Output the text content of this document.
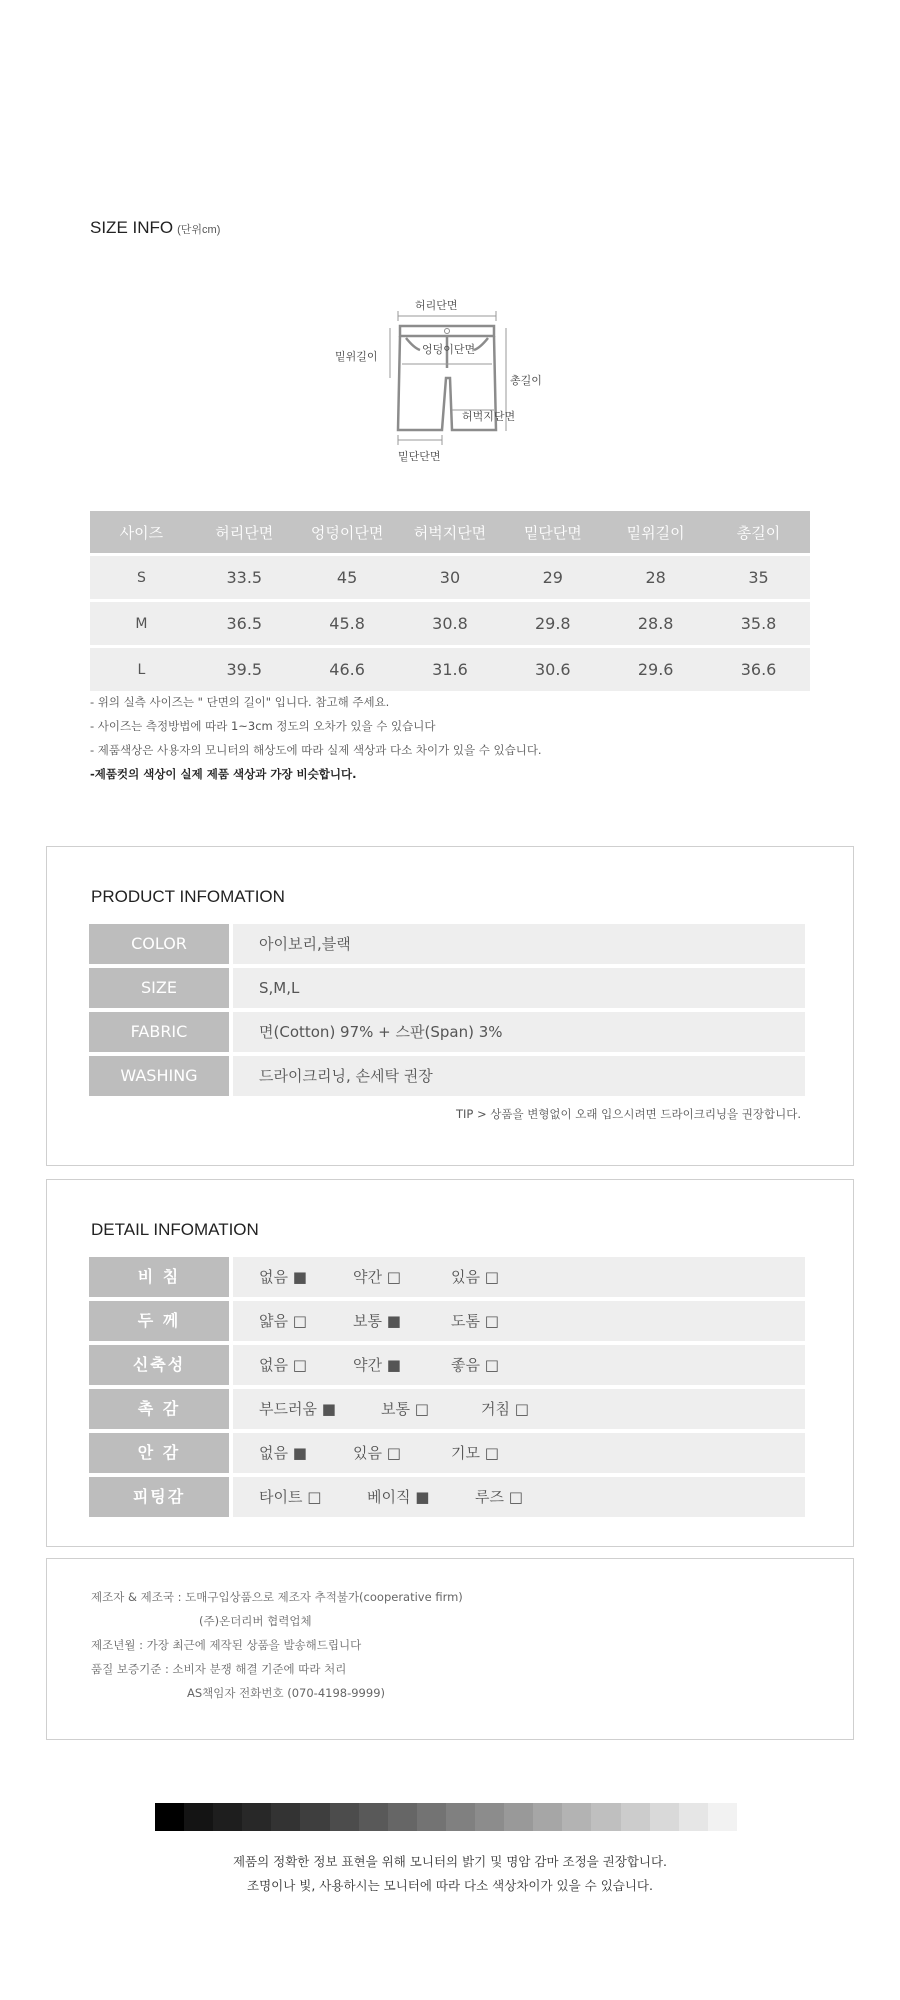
SIZE INFO (단위cm)
허리단면
엉덩이단면
밑위길이
총길이
허벅지단면
밑단단면
사이즈	허리단면	엉덩이단면	허벅지단면	밑단단면	밑위길이	총길이
S	33.5	45	30	29	28	35
M	36.5	45.8	30.8	29.8	28.8	35.8
L	39.5	46.6	31.6	30.6	29.6	36.6
- 위의 실측 사이즈는 " 단면의 길이" 입니다. 참고해 주세요.
- 사이즈는 측정방법에 따라 1~3cm 정도의 오차가 있을 수 있습니다
- 제품색상은 사용자의 모니터의 해상도에 따라 실제 색상과 다소 차이가 있을 수 있습니다.
-제품컷의 색상이 실제 제품 색상과 가장 비슷합니다.
PRODUCT INFOMATION
COLOR	아이보리,블랙
SIZE	S,M,L
FABRIC	면(Cotton) 97% + 스판(Span) 3%
WASHING	드라이크리닝, 손세탁 권장
TIP > 상품을 변형없이 오래 입으시려면 드라이크리닝을 권장합니다.
DETAIL INFOMATION
비 침	없음 ■	약간 □	있음 □
두 께	얇음 □	보통 ■	도톰 □
신축성	없음 □	약간 ■	좋음 □
촉 감	부드러움 ■	보통 □	거침 □
안 감	없음 ■	있음 □	기모 □
피팅감	타이트 □	베이직 ■	루즈 □
제조자 & 제조국 : 도매구입상품으로 제조자 추적불가(cooperative firm)
(주)온더리버 협력업체
제조년월 : 가장 최근에 제작된 상품을 발송해드립니다
품질 보증기준 : 소비자 분쟁 해결 기준에 따라 처리
AS책임자 전화번호 (070-4198-9999)
제품의 정확한 정보 표현을 위해 모니터의 밝기 및 명암 감마 조정을 권장합니다.
조명이나 빛, 사용하시는 모니터에 따라 다소 색상차이가 있을 수 있습니다.
